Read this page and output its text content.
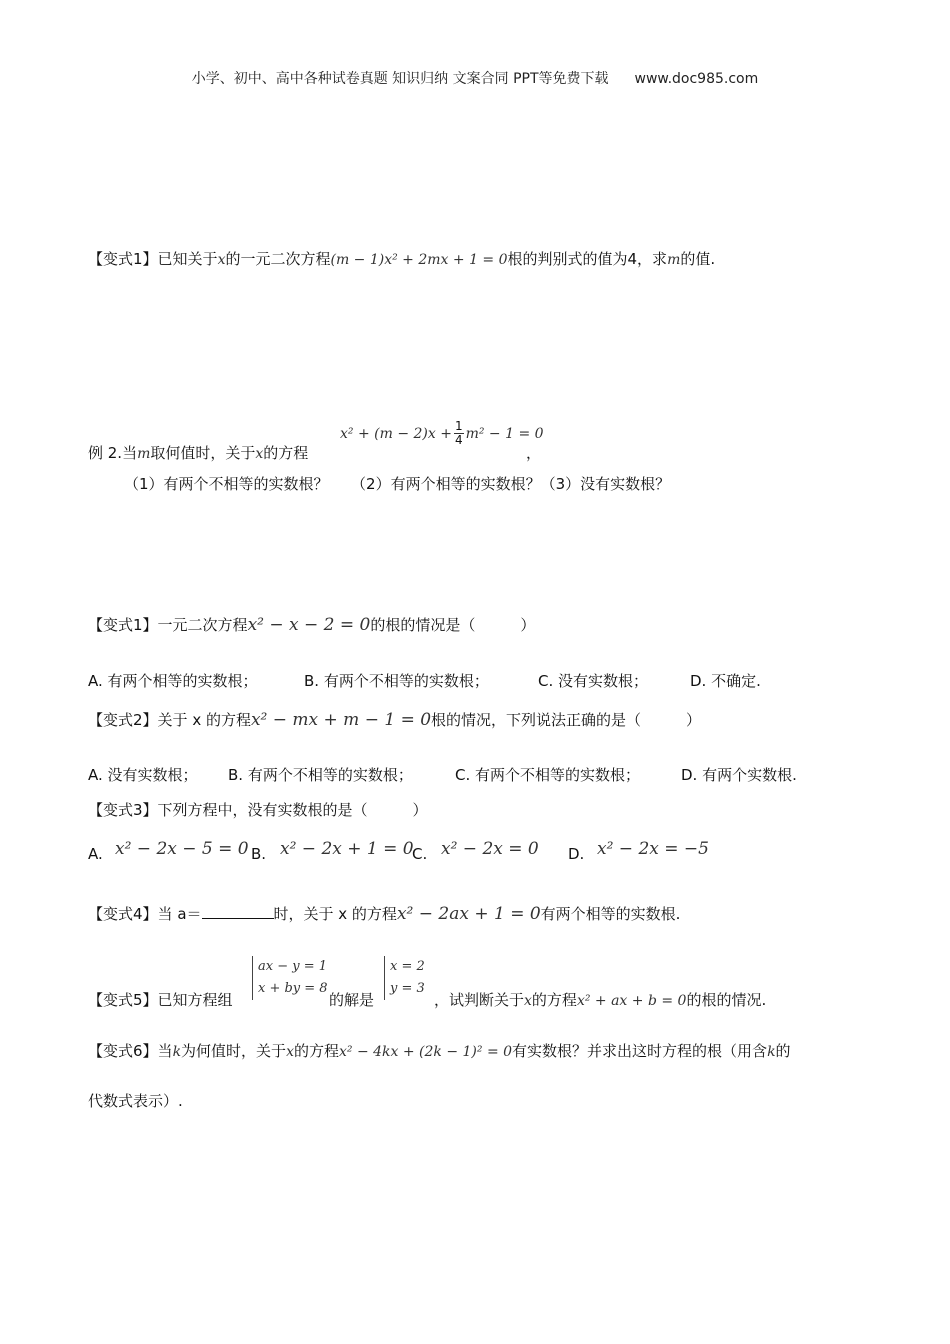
小学、初中、高中各种试卷真题 知识归纳 文案合同 PPT等免费下载 www.doc985.com
【变式1】已知关于x的一元二次方程(m − 1)x² + 2mx + 1 = 0根的判别式的值为4，求m的值.
例 2.当m取何值时，关于x的方程
$x^2 + (m - 2)x + \frac{1}{4} m^2 - 1 = 0$
，
（1）有两个不相等的实数根？　　（2）有两个相等的实数根？（3）没有实数根？
【变式1】一元二次方程x² − x − 2 = 0的根的情况是（　　　）
A. 有两个相等的实数根；	B. 有两个不相等的实数根；	C. 没有实数根；	D. 不确定.
【变式2】关于 x 的方程x² − mx + m − 1 = 0根的情况，下列说法正确的是（　　　）
A. 没有实数根； B. 有两个不相等的实数根；	C. 有两个不相等的实数根；	D. 有两个实数根.
【变式3】下列方程中，没有实数根的是（　　　）
A. x² − 2x − 5 = 0 B. x² − 2x + 1 = 0
C. x² − 2x = 0 D. x² − 2x = −5
【变式4】当 a＝	时，关于 x 的方程x² − 2ax + 1 = 0有两个相等的实数根.
ax − y = 1
x + by = 8
x = 2
y = 3
【变式5】已知方程组	的解是	，试判断关于x的方程x² + ax + b = 0的根的情况.
【变式6】当k为何值时，关于x的方程x² − 4kx + (2k − 1)² = 0有实数根？并求出这时方程的根（用含k的
代数式表示）.
